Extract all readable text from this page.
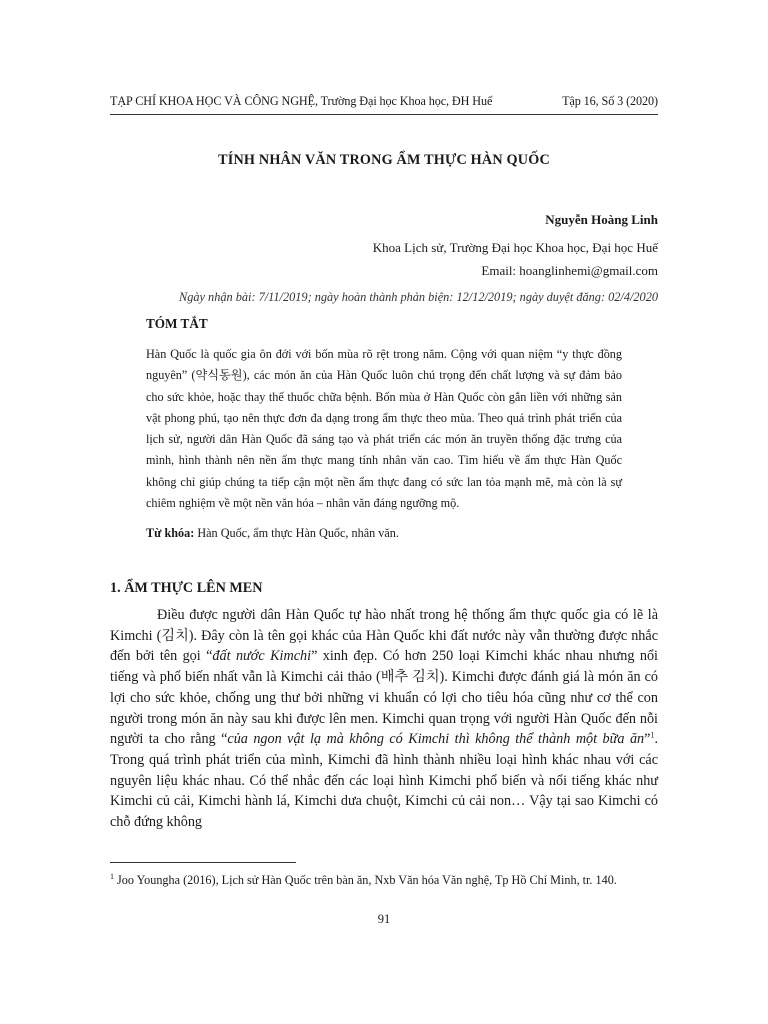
TẠP CHÍ KHOA HỌC VÀ CÔNG NGHỆ, Trường Đại học Khoa học, ĐH Huế	Tập 16, Số 3 (2020)
TÍNH NHÂN VĂN TRONG ẨM THỰC HÀN QUỐC
Nguyễn Hoàng Linh
Khoa Lịch sử, Trường Đại học Khoa học, Đại học Huế
Email: hoanglinhemi@gmail.com
Ngày nhận bài: 7/11/2019; ngày hoàn thành phản biện: 12/12/2019; ngày duyệt đăng: 02/4/2020
TÓM TẮT
Hàn Quốc là quốc gia ôn đới với bốn mùa rõ rệt trong năm. Cộng với quan niệm “y thực đồng nguyên” (약식동원), các món ăn của Hàn Quốc luôn chú trọng đến chất lượng và sự đảm bảo cho sức khỏe, hoặc thay thế thuốc chữa bệnh. Bốn mùa ở Hàn Quốc còn gắn liền với những sản vật phong phú, tạo nên thực đơn đa dạng trong ẩm thực theo mùa. Theo quá trình phát triển của lịch sử, người dân Hàn Quốc đã sáng tạo và phát triển các món ăn truyền thống đặc trưng của mình, hình thành nên nền ẩm thực mang tính nhân văn cao. Tìm hiểu về ẩm thực Hàn Quốc không chỉ giúp chúng ta tiếp cận một nền ẩm thực đang có sức lan tỏa mạnh mẽ, mà còn là sự chiêm nghiệm về một nền văn hóa – nhân văn đáng ngưỡng mộ.
Từ khóa: Hàn Quốc, ẩm thực Hàn Quốc, nhân văn.
1. ẨM THỰC LÊN MEN
Điều được người dân Hàn Quốc tự hào nhất trong hệ thống ẩm thực quốc gia có lẽ là Kimchi (김치). Đây còn là tên gọi khác của Hàn Quốc khi đất nước này vẫn thường được nhắc đến bởi tên gọi “đất nước Kimchi” xinh đẹp. Có hơn 250 loại Kimchi khác nhau nhưng nổi tiếng và phổ biến nhất vẫn là Kimchi cải thảo (배추 김치). Kimchi được đánh giá là món ăn có lợi cho sức khỏe, chống ung thư bởi những vi khuẩn có lợi cho tiêu hóa cũng như cơ thể con người trong món ăn này sau khi được lên men. Kimchi quan trọng với người Hàn Quốc đến nỗi người ta cho rằng “của ngon vật lạ mà không có Kimchi thì không thể thành một bữa ăn”$^1$. Trong quá trình phát triển của mình, Kimchi đã hình thành nhiều loại hình khác nhau với các nguyên liệu khác nhau. Có thể nhắc đến các loại hình Kimchi phổ biến và nổi tiếng khác như Kimchi củ cải, Kimchi hành lá, Kimchi dưa chuột, Kimchi củ cải non… Vậy tại sao Kimchi có chỗ đứng không
$^1$ Joo Youngha (2016), Lịch sử Hàn Quốc trên bàn ăn, Nxb Văn hóa Văn nghệ, Tp Hồ Chí Minh, tr. 140.
91
